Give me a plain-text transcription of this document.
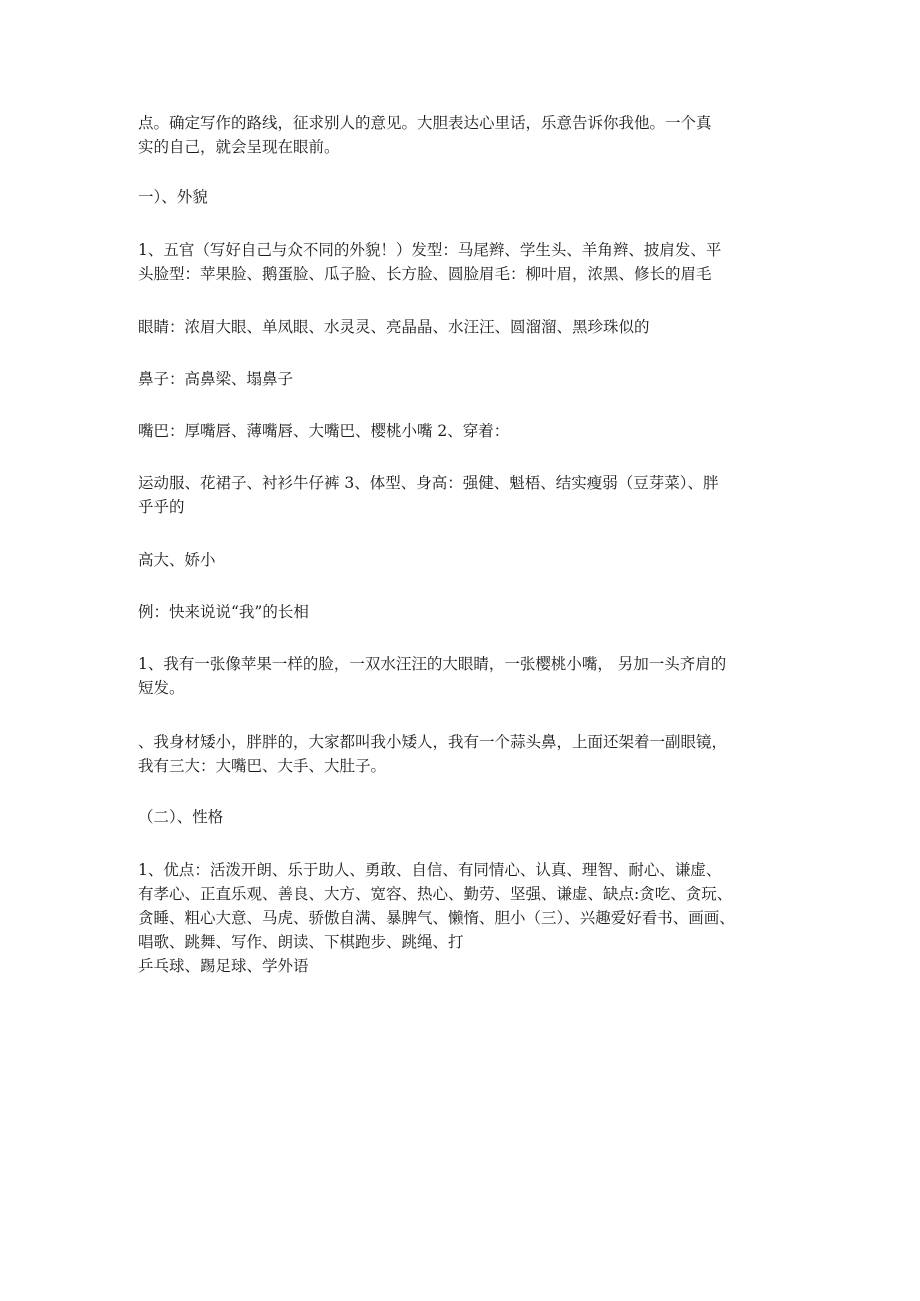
点。确定写作的路线，征求别人的意见。大胆表达心里话，乐意告诉你我他。一个真
实的自己，就会呈现在眼前。

一）、外貌

1、五官（写好自己与众不同的外貌！）发型：马尾辫、学生头、羊角辫、披肩发、平
头脸型：苹果脸、鹅蛋脸、瓜子脸、长方脸、圆脸眉毛：柳叶眉，浓黑、修长的眉毛

眼睛：浓眉大眼、单凤眼、水灵灵、亮晶晶、水汪汪、圆溜溜、黑珍珠似的

鼻子：高鼻梁、塌鼻子

嘴巴：厚嘴唇、薄嘴唇、大嘴巴、樱桃小嘴 2、穿着：

运动服、花裙子、衬衫牛仔裤 3、体型、身高：强健、魁梧、结实瘦弱（豆芽菜）、胖
乎乎的

高大、娇小

例：快来说说“我”的长相

1、我有一张像苹果一样的脸，一双水汪汪的大眼睛，一张樱桃小嘴， 另加一头齐肩的
短发。

、我身材矮小，胖胖的，大家都叫我小矮人，我有一个蒜头鼻，上面还架着一副眼镜，
我有三大：大嘴巴、大手、大肚子。

（二）、性格

1、优点：活泼开朗、乐于助人、勇敢、自信、有同情心、认真、理智、耐心、谦虚、
有孝心、正直乐观、善良、大方、宽容、热心、勤劳、坚强、谦虚、缺点:贪吃、贪玩、
贪睡、粗心大意、马虎、骄傲自满、暴脾气、懒惰、胆小（三）、兴趣爱好看书、画画、
唱歌、跳舞、写作、朗读、下棋跑步、跳绳、打
乒乓球、踢足球、学外语
